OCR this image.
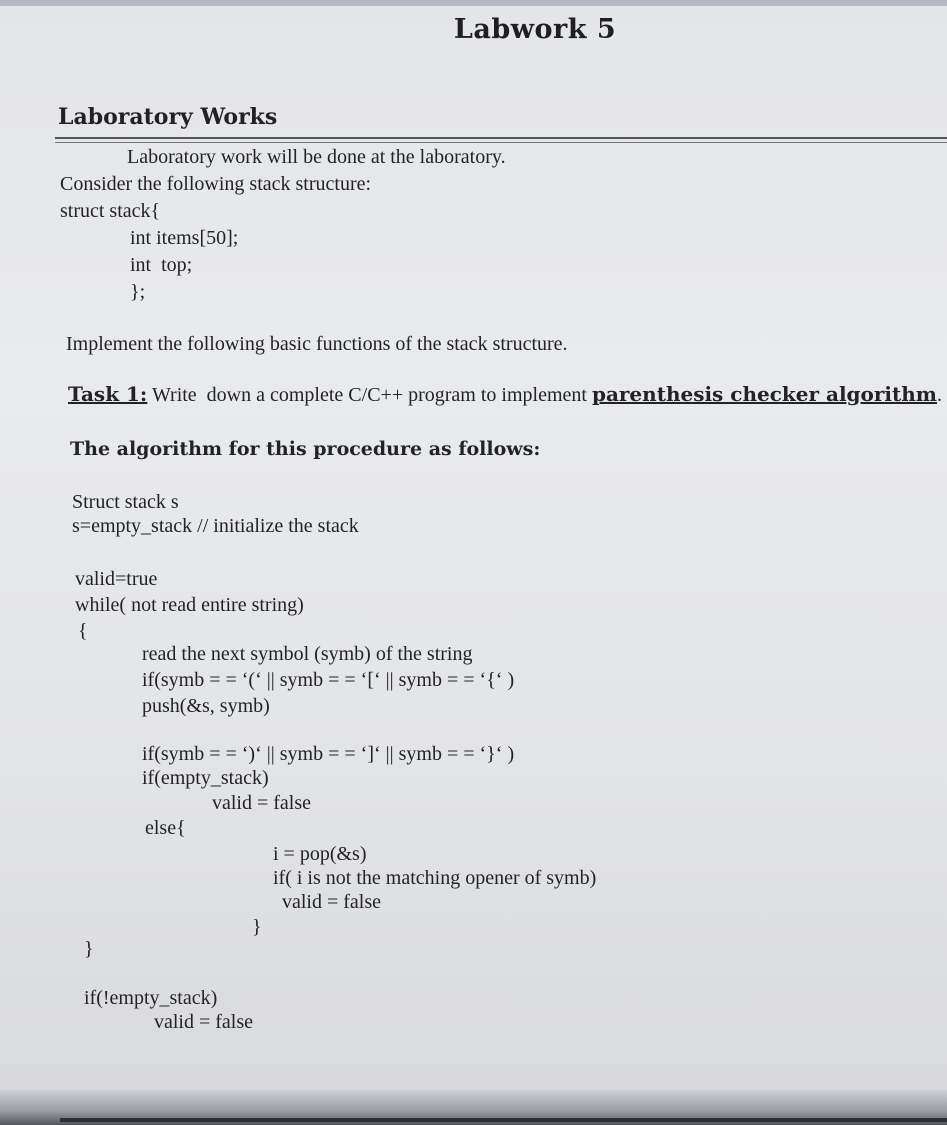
Labwork 5
Laboratory Works
Laboratory work will be done at the laboratory.
Consider the following stack structure:
struct stack{
int items[50];
int  top;
};
Implement the following basic functions of the stack structure.
Task 1: Write  down a complete C/C++ program to implement parenthesis checker algorithm.
The algorithm for this procedure as follows:
Struct stack s
s=empty_stack // initialize the stack
valid=true
while( not read entire string)
{
read the next symbol (symb) of the string
if(symb = = ‘(‘ || symb = = ‘[‘ || symb = = ‘{‘ )
push(&s, symb)
if(symb = = ‘)‘ || symb = = ‘]‘ || symb = = ‘}‘ )
if(empty_stack)
valid = false
else{
i = pop(&s)
if( i is not the matching opener of symb)
valid = false
}
}
if(!empty_stack)
valid = false
